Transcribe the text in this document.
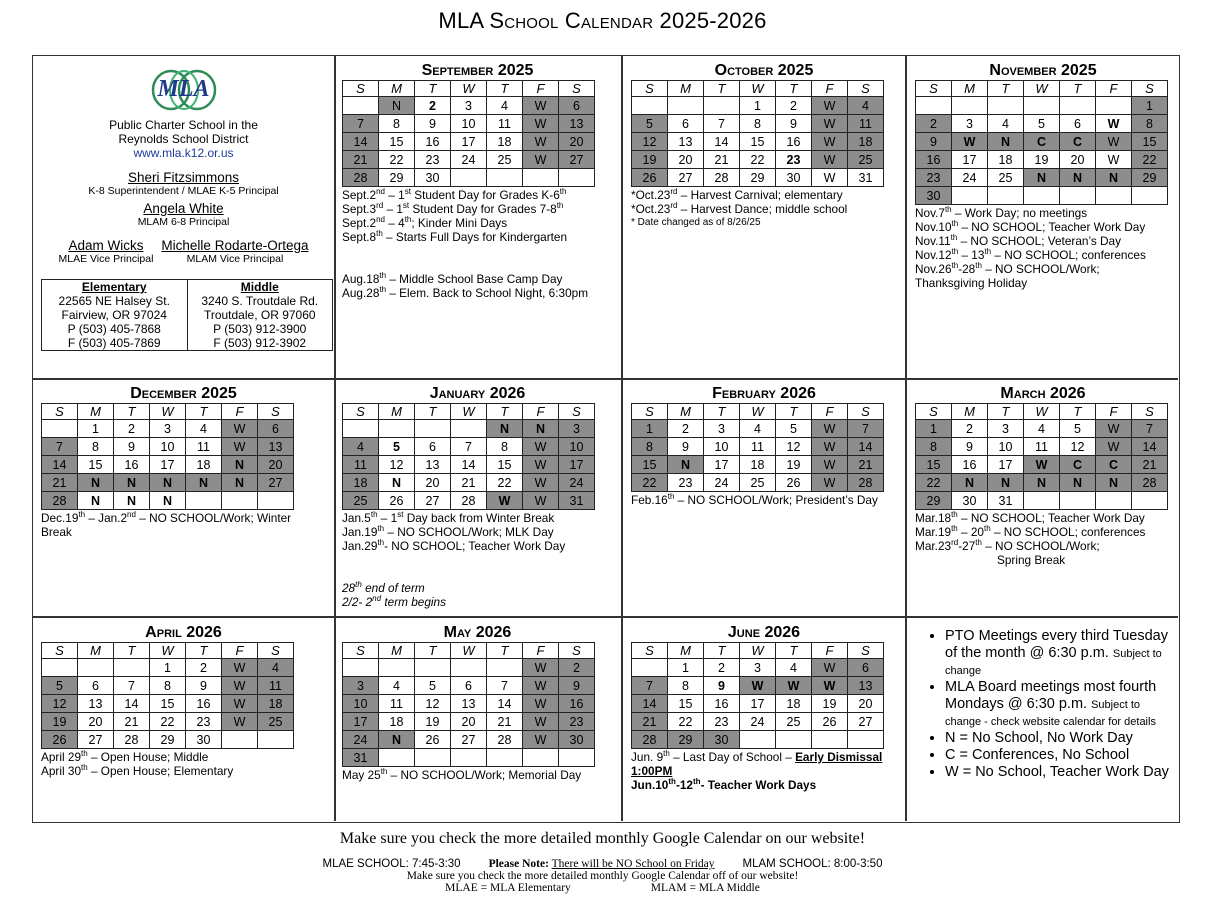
MLA School Calendar 2025-2026
MLA
Public Charter School in the
Reynolds School District
www.mla.k12.or.us
Sheri Fitzsimmons
K-8 Superintendent / MLAE K-5 Principal
Angela White
MLAM 6-8 Principal
Adam Wicks
MLAE Vice Principal
Michelle Rodarte-Ortega
MLAM Vice Principal
Elementary
22565 NE Halsey St.
Fairview, OR 97024
P (503) 405-7868
F (503) 405-7869

Middle
3240 S. Troutdale Rd.
Troutdale, OR 97060
P (503) 912-3900
F (503) 912-3902
September 2025
S	M	T	W	T	F	S
	N	2	3	4	W	6
7	8	9	10	11	W	13
14	15	16	17	18	W	20
21	22	23	24	25	W	27
28	29	30				
Sept.2nd – 1st Student Day for Grades K-6th
Sept.3rd – 1st Student Day for Grades 7-8th
Sept.2nd – 4th; Kinder Mini Days
Sept.8th – Starts Full Days for Kindergarten

Aug.18th – Middle School Base Camp Day
Aug.28th – Elem. Back to School Night, 6:30pm
October 2025
S	M	T	W	T	F	S
			1	2	W	4
5	6	7	8	9	W	11
12	13	14	15	16	W	18
19	20	21	22	23	W	25
26	27	28	29	30	W	31
*Oct.23rd – Harvest Carnival; elementary
*Oct.23rd – Harvest Dance; middle school
* Date changed as of 8/26/25
November 2025
S	M	T	W	T	F	S
						1
2	3	4	5	6	W	8
9	W	N	C	C	W	15
16	17	18	19	20	W	22
23	24	25	N	N	N	29
30						
Nov.7th – Work Day; no meetings
Nov.10th – NO SCHOOL; Teacher Work Day
Nov.11th – NO SCHOOL; Veteran’s Day
Nov.12th – 13th – NO SCHOOL; conferences
Nov.26th-28th – NO SCHOOL/Work;
Thanksgiving Holiday
December 2025
S	M	T	W	T	F	S
	1	2	3	4	W	6
7	8	9	10	11	W	13
14	15	16	17	18	N	20
21	N	N	N	N	N	27
28	N	N	N			
Dec.19th – Jan.2nd – NO SCHOOL/Work; Winter
Break
January 2026
S	M	T	W	T	F	S
				N	N	3
4	5	6	7	8	W	10
11	12	13	14	15	W	17
18	N	20	21	22	W	24
25	26	27	28	W	W	31
Jan.5th – 1st Day back from Winter Break
Jan.19th – NO SCHOOL/Work; MLK Day
Jan.29th- NO SCHOOL; Teacher Work Day
28th end of term
2/2- 2nd term begins
February 2026
S	M	T	W	T	F	S
1	2	3	4	5	W	7
8	9	10	11	12	W	14
15	N	17	18	19	W	21
22	23	24	25	26	W	28
Feb.16th – NO SCHOOL/Work; President’s Day
March 2026
S	M	T	W	T	F	S
1	2	3	4	5	W	7
8	9	10	11	12	W	14
15	16	17	W	C	C	21
22	N	N	N	N	N	28
29	30	31				
Mar.18th – NO SCHOOL; Teacher Work Day
Mar.19th – 20th – NO SCHOOL; conferences
Mar.23rd-27th – NO SCHOOL/Work;
Spring Break
April 2026
S	M	T	W	T	F	S
			1	2	W	4
5	6	7	8	9	W	11
12	13	14	15	16	W	18
19	20	21	22	23	W	25
26	27	28	29	30		
April 29th – Open House; Middle
April 30th – Open House; Elementary
May 2026
S	M	T	W	T	F	S
					W	2
3	4	5	6	7	W	9
10	11	12	13	14	W	16
17	18	19	20	21	W	23
24	N	26	27	28	W	30
31						
May 25th – NO SCHOOL/Work; Memorial Day
June 2026
S	M	T	W	T	F	S
	1	2	3	4	W	6
7	8	9	W	W	W	13
14	15	16	17	18	19	20
21	22	23	24	25	26	27
28	29	30				
Jun. 9th – Last Day of School – Early Dismissal 1:00PM
Jun.10th-12th- Teacher Work Days
• PTO Meetings every third Tuesday of the month @ 6:30 p.m. Subject to change
• MLA Board meetings most fourth Mondays @ 6:30 p.m. Subject to change - check website calendar for details
• N = No School, No Work Day
• C = Conferences, No School
• W = No School, Teacher Work Day
Make sure you check the more detailed monthly Google Calendar on our website!
MLAE SCHOOL: 7:45-3:30 Please Note: There will be NO School on Friday MLAM SCHOOL: 8:00-3:50
Make sure you check the more detailed monthly Google Calendar off of our website!
MLAE = MLA Elementary	MLAM = MLA Middle
